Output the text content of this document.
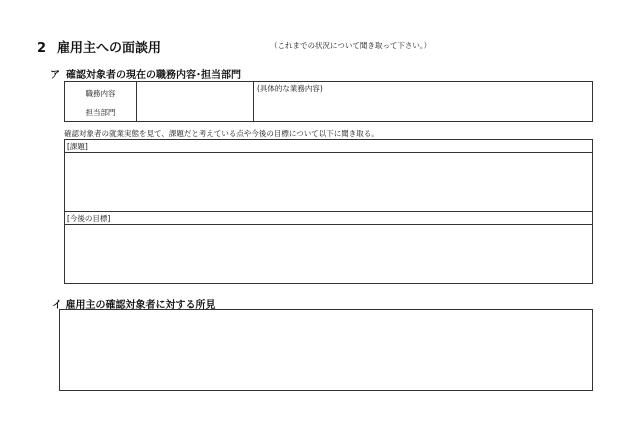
2 雇用主への面談用	（これまでの状況について聞き取って下さい。）
ア 確認対象者の現在の職務内容･担当部門
職務内容
担当部門
(具体的な業務内容)
確認対象者の就業実態を見て、課題だと考えている点や今後の目標について以下に聞き取る。
[課題]
[今後の目標]
イ 雇用主の確認対象者に対する所見
